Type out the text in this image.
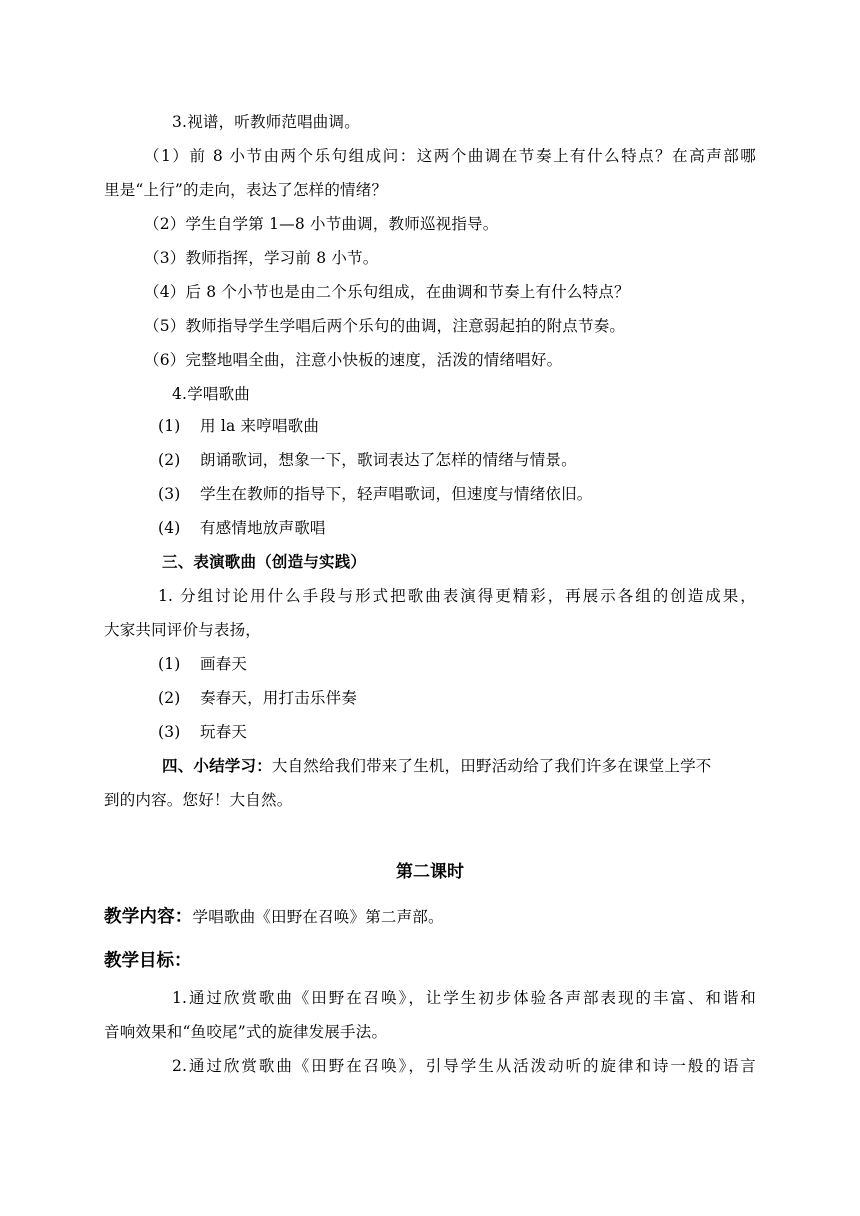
3.视谱，听教师范唱曲调。
（1）前 8 小节由两个乐句组成问：这两个曲调在节奏上有什么特点？在高声部哪
里是“上行”的走向，表达了怎样的情绪？
（2）学生自学第 1—8 小节曲调，教师巡视指导。
（3）教师指挥，学习前 8 小节。
（4）后 8 个小节也是由二个乐句组成，在曲调和节奏上有什么特点？
（5）教师指导学生学唱后两个乐句的曲调，注意弱起拍的附点节奏。
（6）完整地唱全曲，注意小快板的速度，活泼的情绪唱好。
4.学唱歌曲
(1) 用 la 来哼唱歌曲
(2) 朗诵歌词，想象一下，歌词表达了怎样的情绪与情景。
(3) 学生在教师的指导下，轻声唱歌词，但速度与情绪依旧。
(4) 有感情地放声歌唱
三、表演歌曲（创造与实践）
1. 分组讨论用什么手段与形式把歌曲表演得更精彩，再展示各组的创造成果，
大家共同评价与表扬，
(1) 画春天
(2) 奏春天，用打击乐伴奏
(3) 玩春天
四、小结学习：大自然给我们带来了生机，田野活动给了我们许多在课堂上学不
到的内容。您好！大自然。
第二课时
教学内容：学唱歌曲《田野在召唤》第二声部。
教学目标：
1.通过欣赏歌曲《田野在召唤》，让学生初步体验各声部表现的丰富、和谐和
音响效果和“鱼咬尾”式的旋律发展手法。
2.通过欣赏歌曲《田野在召唤》，引导学生从活泼动听的旋律和诗一般的语言
